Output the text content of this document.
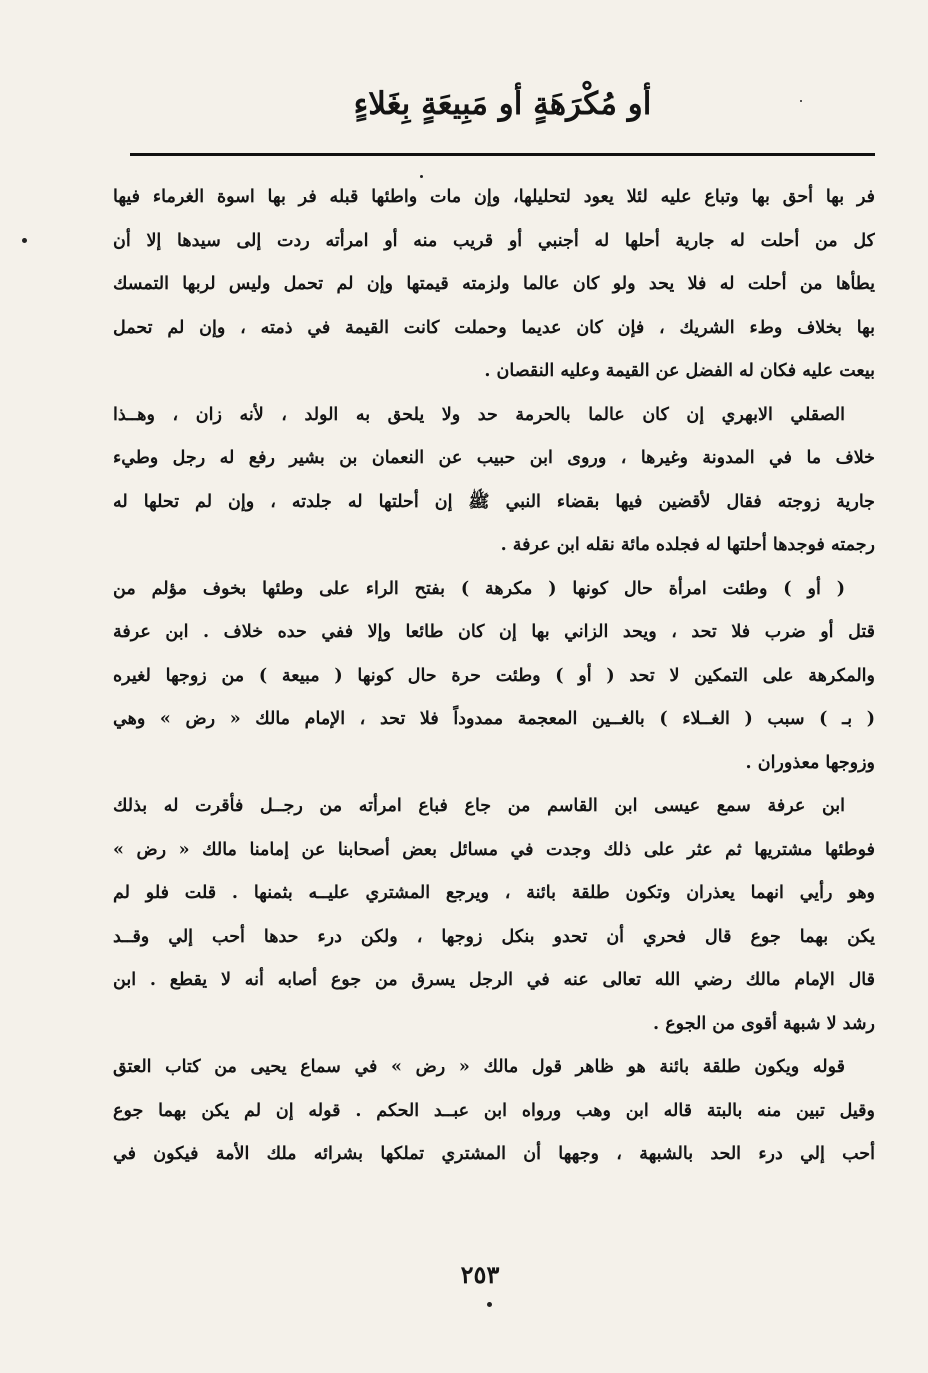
أو مُكْرَهَةٍ أو مَبِيعَةٍ بِغَلاءٍ
فر بها أحق بها وتباع عليه لئلا يعود لتحليلها، وإن مات واطئها قبله فر بها اسوة الغرماء فيها
كل من أحلت له جارية أحلها له أجنبي أو قريب منه أو امرأته ردت إلى سيدها إلا أن
يطأها من أحلت له فلا يحد ولو كان عالما ولزمته قيمتها وإن لم تحمل وليس لربها التمسك
بها بخلاف وطء الشريك ، فإن كان عديما وحملت كانت القيمة في ذمته ، وإن لم تحمل
بيعت عليه فكان له الفضل عن القيمة وعليه النقصان .
الصقلي الابهري إن كان عالما بالحرمة حد ولا يلحق به الولد ، لأنه زان ، وهــذا
خلاف ما في المدونة وغيرها ، وروى ابن حبيب عن النعمان بن بشير رفع له رجل وطيء
جارية زوجته فقال لأقضين فيها بقضاء النبي ﷺ إن أحلتها له جلدته ، وإن لم تحلها له
رجمته فوجدها أحلتها له فجلده مائة نقله ابن عرفة .
( أو ) وطئت امرأة حال كونها ( مكرهة ) بفتح الراء على وطئها بخوف مؤلم من
قتل أو ضرب فلا تحد ، ويحد الزاني بها إن كان طائعا وإلا ففي حده خلاف . ابن عرفة
والمكرهة على التمكين لا تحد ( أو ) وطئت حرة حال كونها ( مبيعة ) من زوجها لغيره
( بـ ) سبب ( الغــلاء ) بالغــين المعجمة ممدوداً فلا تحد ، الإمام مالك « رض » وهي
وزوجها معذوران .
ابن عرفة سمع عيسى ابن القاسم من جاع فباع امرأته من رجــل فأقرت له بذلك
فوطئها مشتريها ثم عثر على ذلك وجدت في مسائل بعض أصحابنا عن إمامنا مالك « رض »
وهو رأيي انهما يعذران وتكون طلقة بائنة ، ويرجع المشتري عليــه بثمنها . قلت فلو لم
يكن بهما جوع قال فحري أن تحدو بنكل زوجها ، ولكن درء حدها أحب إلي وقــد
قال الإمام مالك رضي الله تعالى عنه في الرجل يسرق من جوع أصابه أنه لا يقطع . ابن
رشد لا شبهة أقوى من الجوع .
قوله ويكون طلقة بائنة هو ظاهر قول مالك « رض » في سماع يحيى من كتاب العتق
وقيل تبين منه بالبتة قاله ابن وهب ورواه ابن عبــد الحكم . قوله إن لم يكن بهما جوع
أحب إلي درء الحد بالشبهة ، وجهها أن المشتري تملكها بشرائه ملك الأمة فيكون في
٢٥٣
